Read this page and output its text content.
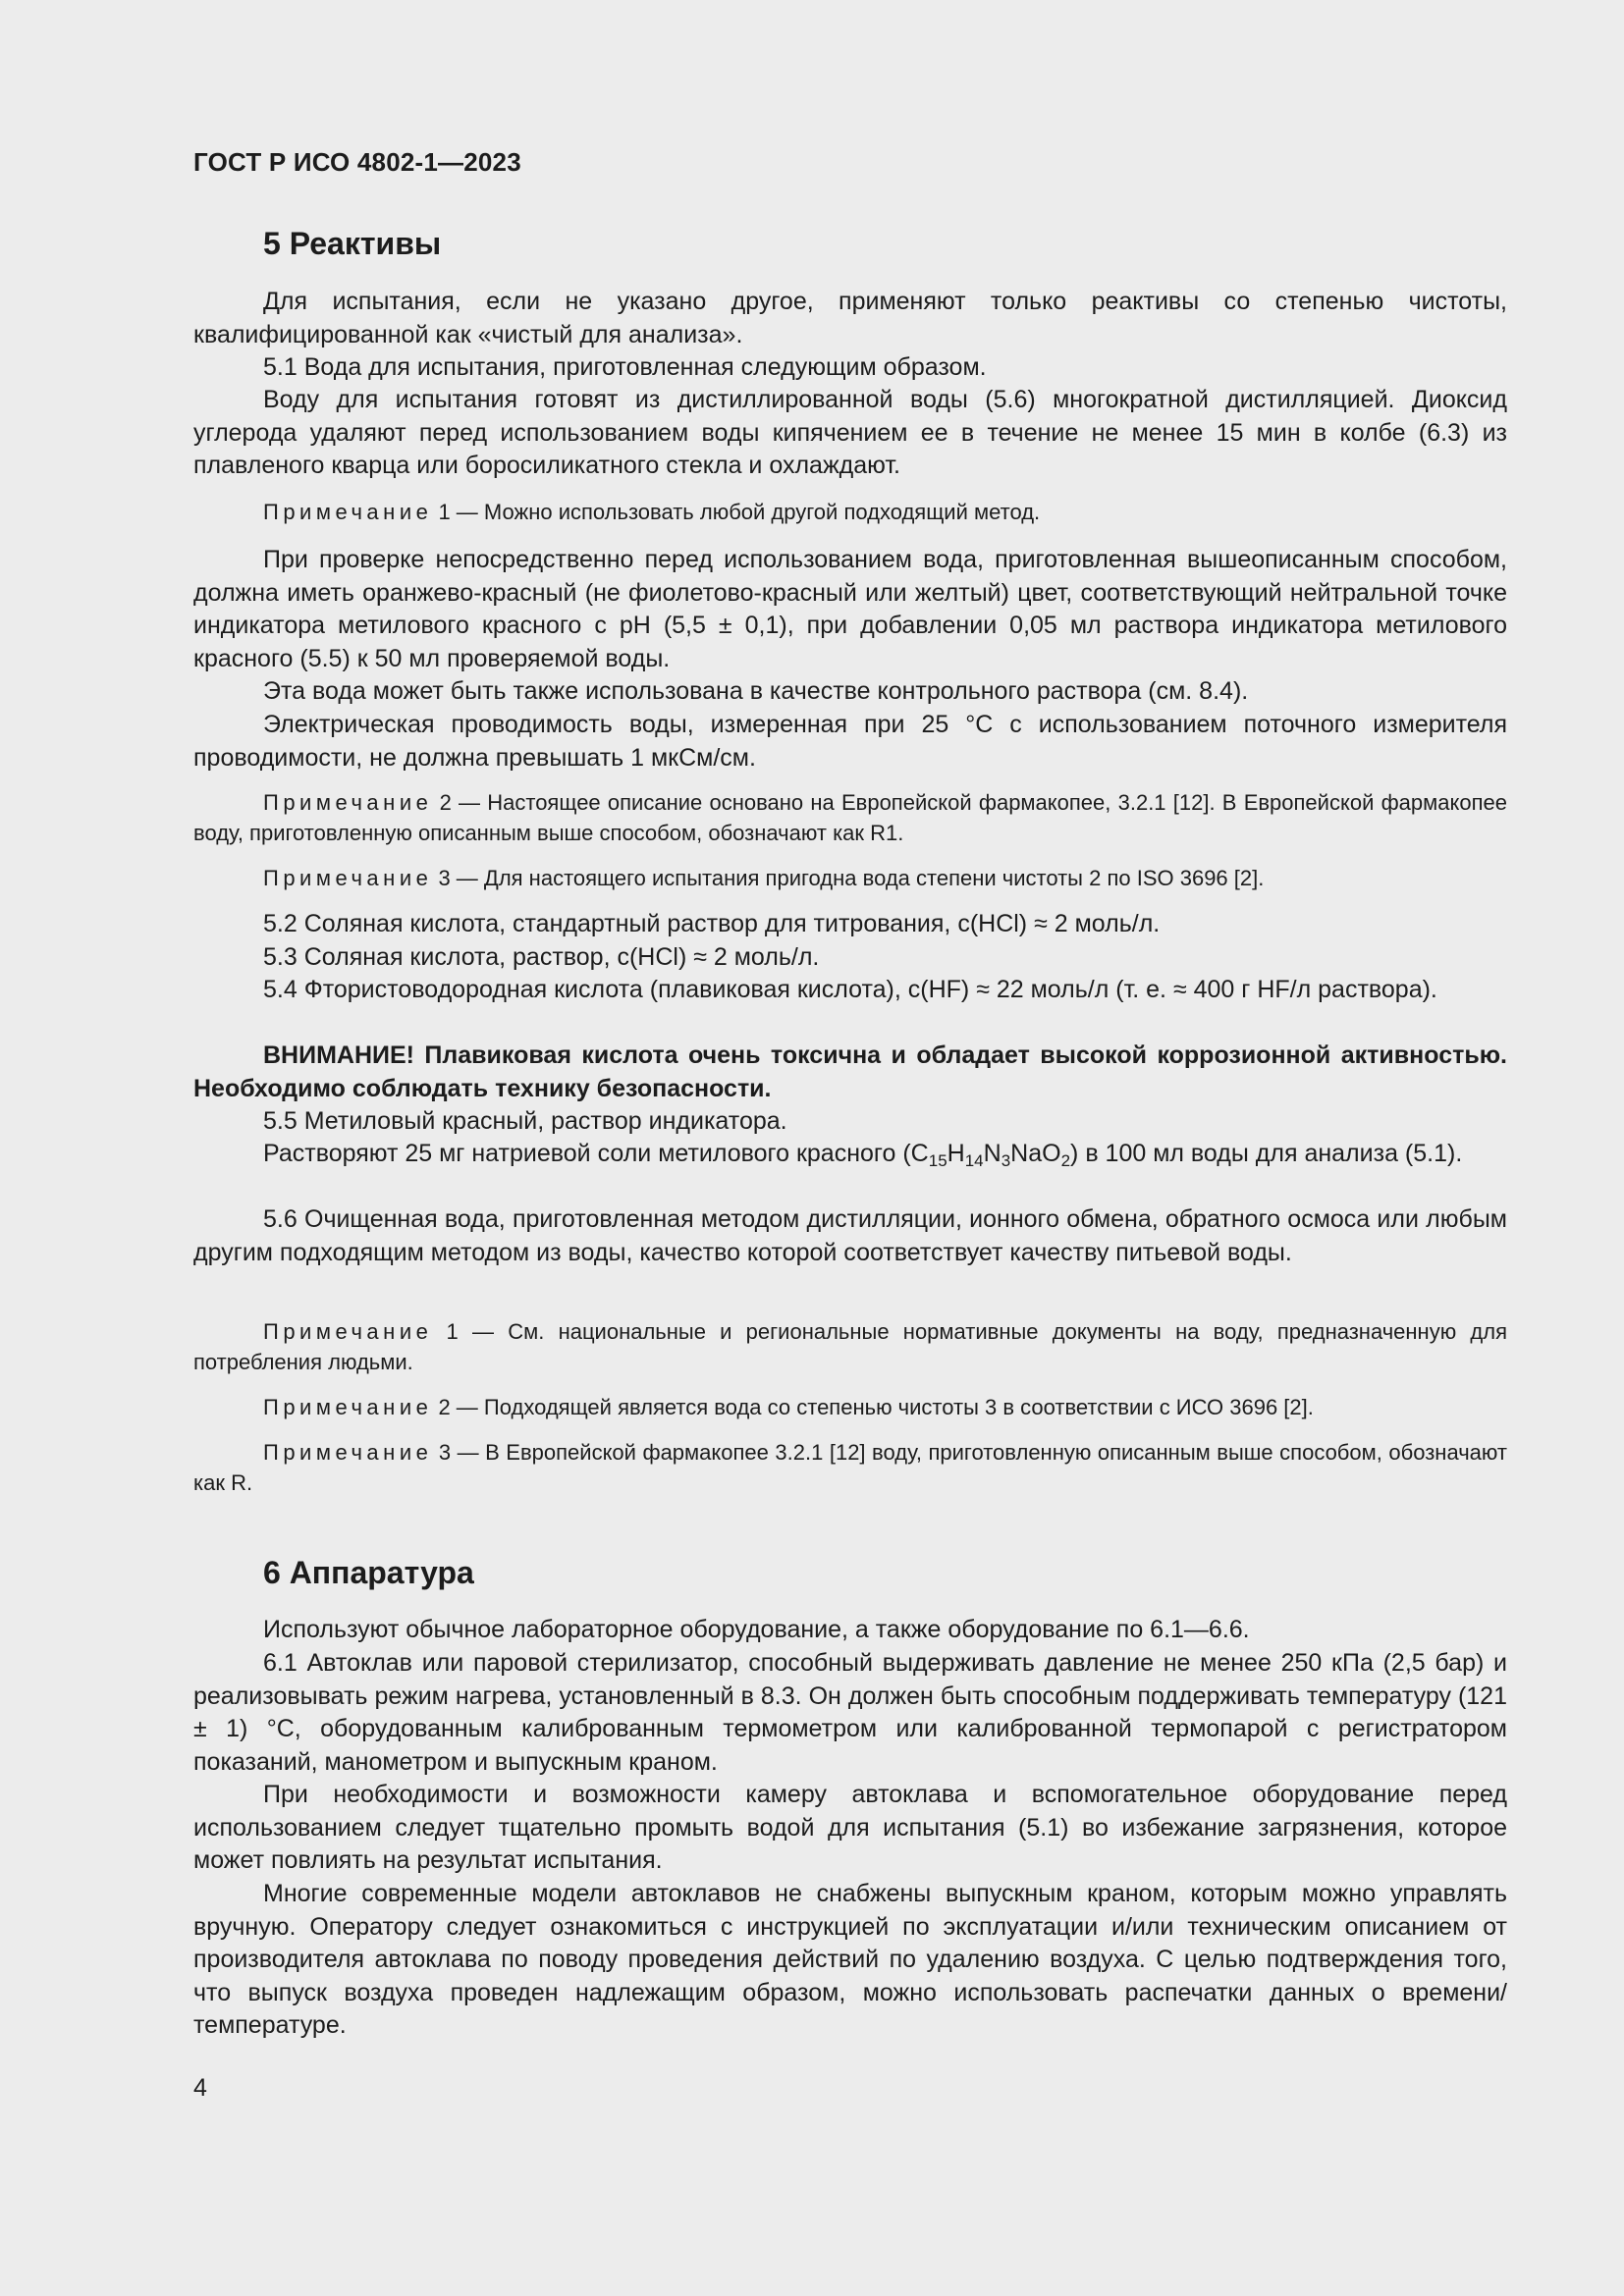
ГОСТ Р ИСО 4802-1—2023
5 Реактивы
Для испытания, если не указано другое, применяют только реактивы со степенью чистоты, квалифицированной как «чистый для анализа».
5.1 Вода для испытания, приготовленная следующим образом.
Воду для испытания готовят из дистиллированной воды (5.6) многократной дистилляцией. Диоксид углерода удаляют перед использованием воды кипячением ее в течение не менее 15 мин в колбе (6.3) из плавленого кварца или боросиликатного стекла и охлаждают.
Примечание 1 — Можно использовать любой другой подходящий метод.
При проверке непосредственно перед использованием вода, приготовленная вышеописанным способом, должна иметь оранжево-красный (не фиолетово-красный или желтый) цвет, соответствующий нейтральной точке индикатора метилового красного с pH (5,5 ± 0,1), при добавлении 0,05 мл раствора индикатора метилового красного (5.5) к 50 мл проверяемой воды.
Эта вода может быть также использована в качестве контрольного раствора (см. 8.4).
Электрическая проводимость воды, измеренная при 25 °С с использованием поточного измерителя проводимости, не должна превышать 1 мкСм/см.
Примечание 2 — Настоящее описание основано на Европейской фармакопее, 3.2.1 [12]. В Европейской фармакопее воду, приготовленную описанным выше способом, обозначают как R1.
Примечание 3 — Для настоящего испытания пригодна вода степени чистоты 2 по ISO 3696 [2].
5.2 Соляная кислота, стандартный раствор для титрования, c(HCl) ≈ 2 моль/л.
5.3 Соляная кислота, раствор, c(HCl) ≈ 2 моль/л.
5.4 Фтористоводородная кислота (плавиковая кислота), c(HF) ≈ 22 моль/л (т. е. ≈ 400 г HF/л раствора).
ВНИМАНИЕ! Плавиковая кислота очень токсична и обладает высокой коррозионной активностью. Необходимо соблюдать технику безопасности.
5.5 Метиловый красный, раствор индикатора.
Растворяют 25 мг натриевой соли метилового красного $(C_{15}H_{14}N_3NaO_2)$ в 100 мл воды для анализа (5.1).
5.6 Очищенная вода, приготовленная методом дистилляции, ионного обмена, обратного осмоса или любым другим подходящим методом из воды, качество которой соответствует качеству питьевой воды.
Примечание 1 — См. национальные и региональные нормативные документы на воду, предназначенную для потребления людьми.
Примечание 2 — Подходящей является вода со степенью чистоты 3 в соответствии с ИСО 3696 [2].
Примечание 3 — В Европейской фармакопее 3.2.1 [12] воду, приготовленную описанным выше способом, обозначают как R.
6 Аппаратура
Используют обычное лабораторное оборудование, а также оборудование по 6.1—6.6.
6.1 Автоклав или паровой стерилизатор, способный выдерживать давление не менее 250 кПа (2,5 бар) и реализовывать режим нагрева, установленный в 8.3. Он должен быть способным поддерживать температуру (121 ± 1) °С, оборудованным калиброванным термометром или калиброванной термопарой с регистратором показаний, манометром и выпускным краном.
При необходимости и возможности камеру автоклава и вспомогательное оборудование перед использованием следует тщательно промыть водой для испытания (5.1) во избежание загрязнения, которое может повлиять на результат испытания.
Многие современные модели автоклавов не снабжены выпускным краном, которым можно управлять вручную. Оператору следует ознакомиться с инструкцией по эксплуатации и/или техническим описанием от производителя автоклава по поводу проведения действий по удалению воздуха. С целью подтверждения того, что выпуск воздуха проведен надлежащим образом, можно использовать распечатки данных о времени/температуре.
4
